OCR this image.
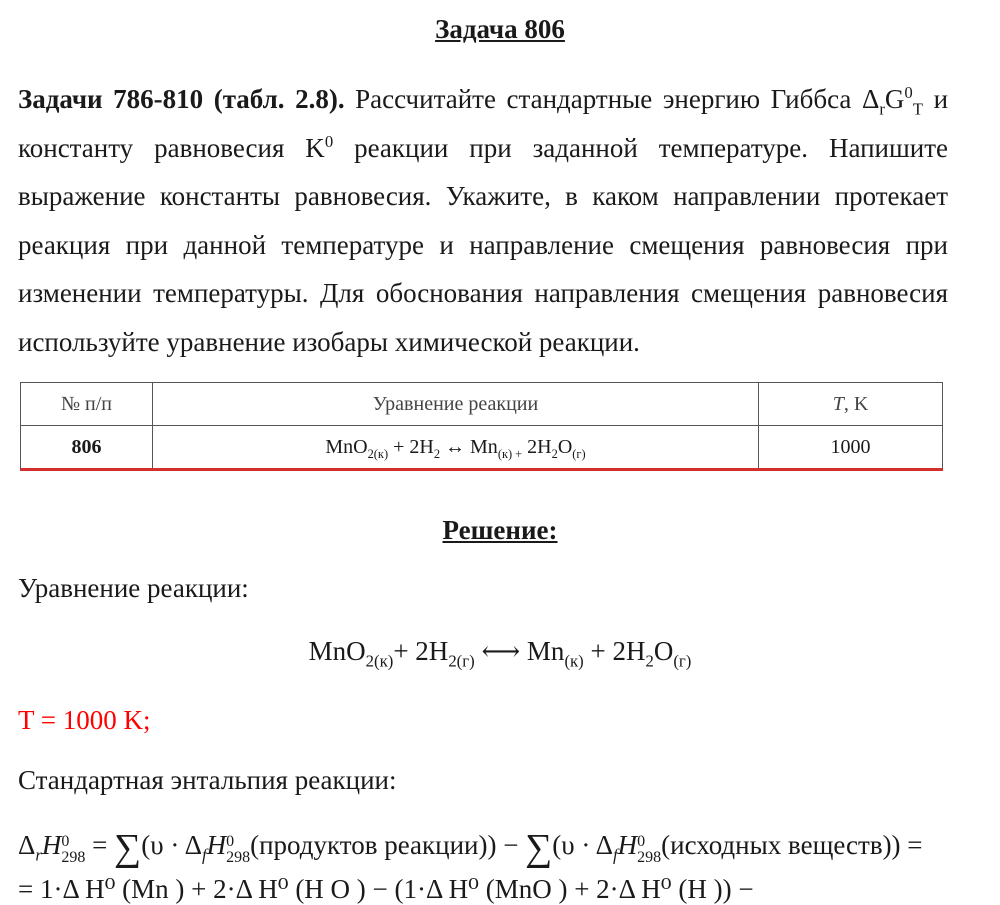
Задача 806
Задачи 786-810 (табл. 2.8). Рассчитайте стандартные энергию Гиббса $\Delta_rG^0_T$ и константу равновесия $K^0$ реакции при заданной температуре. Напишите выражение константы равновесия. Укажите, в каком направлении протекает реакция при данной температуре и направление смещения равновесия при изменении температуры. Для обоснования направления смещения равновесия используйте уравнение изобары химической реакции.
№ п/п	Уравнение реакции	T, K
806	$MnO_{2(к)} + 2H_2$ ↔ $Mn_{(к) +}$ $2H_2O_{(г)}$	1000
Решение:
Уравнение реакции:
$MnO_{2(к)}+ 2H_{2(г)}$ ⟷ $Mn_{(к)} + 2H_2O_{(г)}$
T = 1000 K;
Стандартная энтальпия реакции:
$\Delta_rH$ 0
$298 = \sum(\upsilon \cdot \Delta_fH$ 0
298 (продуктов реакции)) − $\sum(\upsilon \cdot \Delta_fH$ 0
298 (исходных веществ)) =
= 1·Δ H⁰ (Mn ) + 2·Δ H⁰ (H O ) − (1·Δ H⁰ (MnO ) + 2·Δ H⁰ (H )) −
